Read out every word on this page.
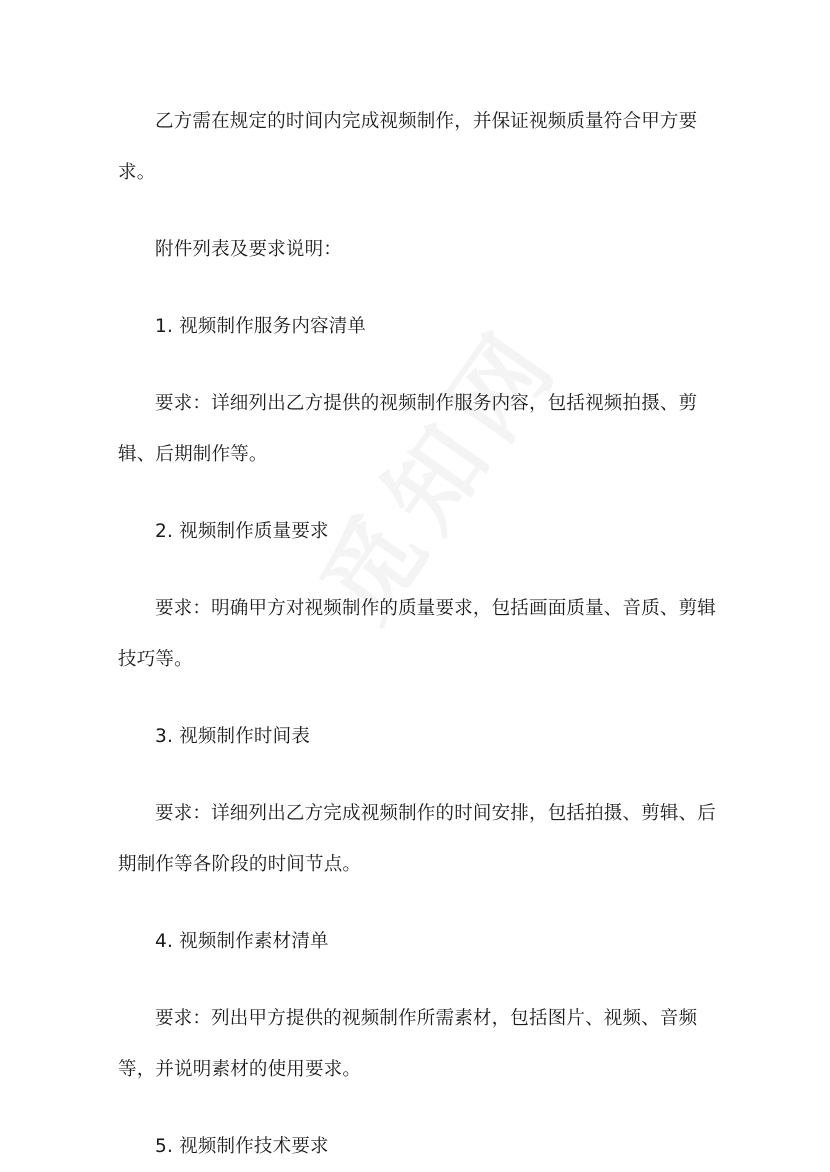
乙方需在规定的时间内完成视频制作，并保证视频质量符合甲方要求。

附件列表及要求说明：

1. 视频制作服务内容清单

要求：详细列出乙方提供的视频制作服务内容，包括视频拍摄、剪辑、后期制作等。

2. 视频制作质量要求

要求：明确甲方对视频制作的质量要求，包括画面质量、音质、剪辑技巧等。

3. 视频制作时间表

要求：详细列出乙方完成视频制作的时间安排，包括拍摄、剪辑、后期制作等各阶段的时间节点。

4. 视频制作素材清单

要求：列出甲方提供的视频制作所需素材，包括图片、视频、音频等，并说明素材的使用要求。

5. 视频制作技术要求
